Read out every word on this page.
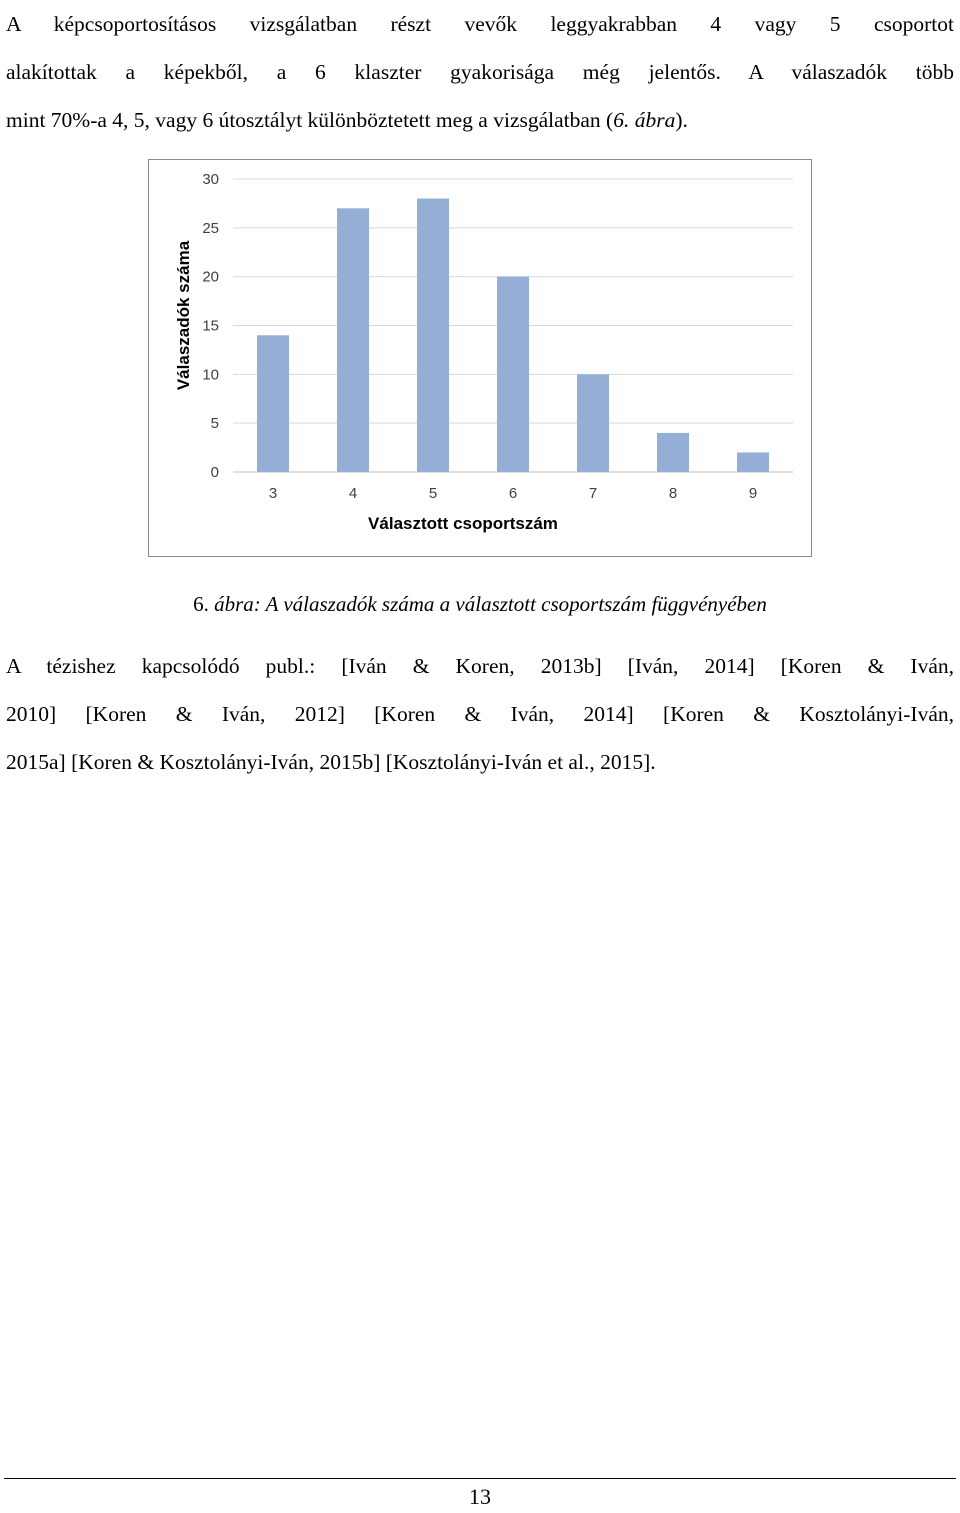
A képcsoportosításos vizsgálatban részt vevők leggyakrabban 4 vagy 5 csoportot
alakítottak a képekből, a 6 klaszter gyakorisága még jelentős. A válaszadók több
mint 70%-a 4, 5, vagy 6 útosztályt különböztetett meg a vizsgálatban (6. ábra).
0
5
10
15
20
25
30
3	4	5	6	7	8	9
Választott csoportszám
Válaszadók száma
6. ábra: A válaszadók száma a választott csoportszám függvényében
A tézishez kapcsolódó publ.: [Iván & Koren, 2013b] [Iván, 2014] [Koren & Iván,
2010] [Koren & Iván, 2012] [Koren & Iván, 2014] [Koren & Kosztolányi-Iván,
2015a] [Koren & Kosztolányi-Iván, 2015b] [Kosztolányi-Iván et al., 2015].
13
